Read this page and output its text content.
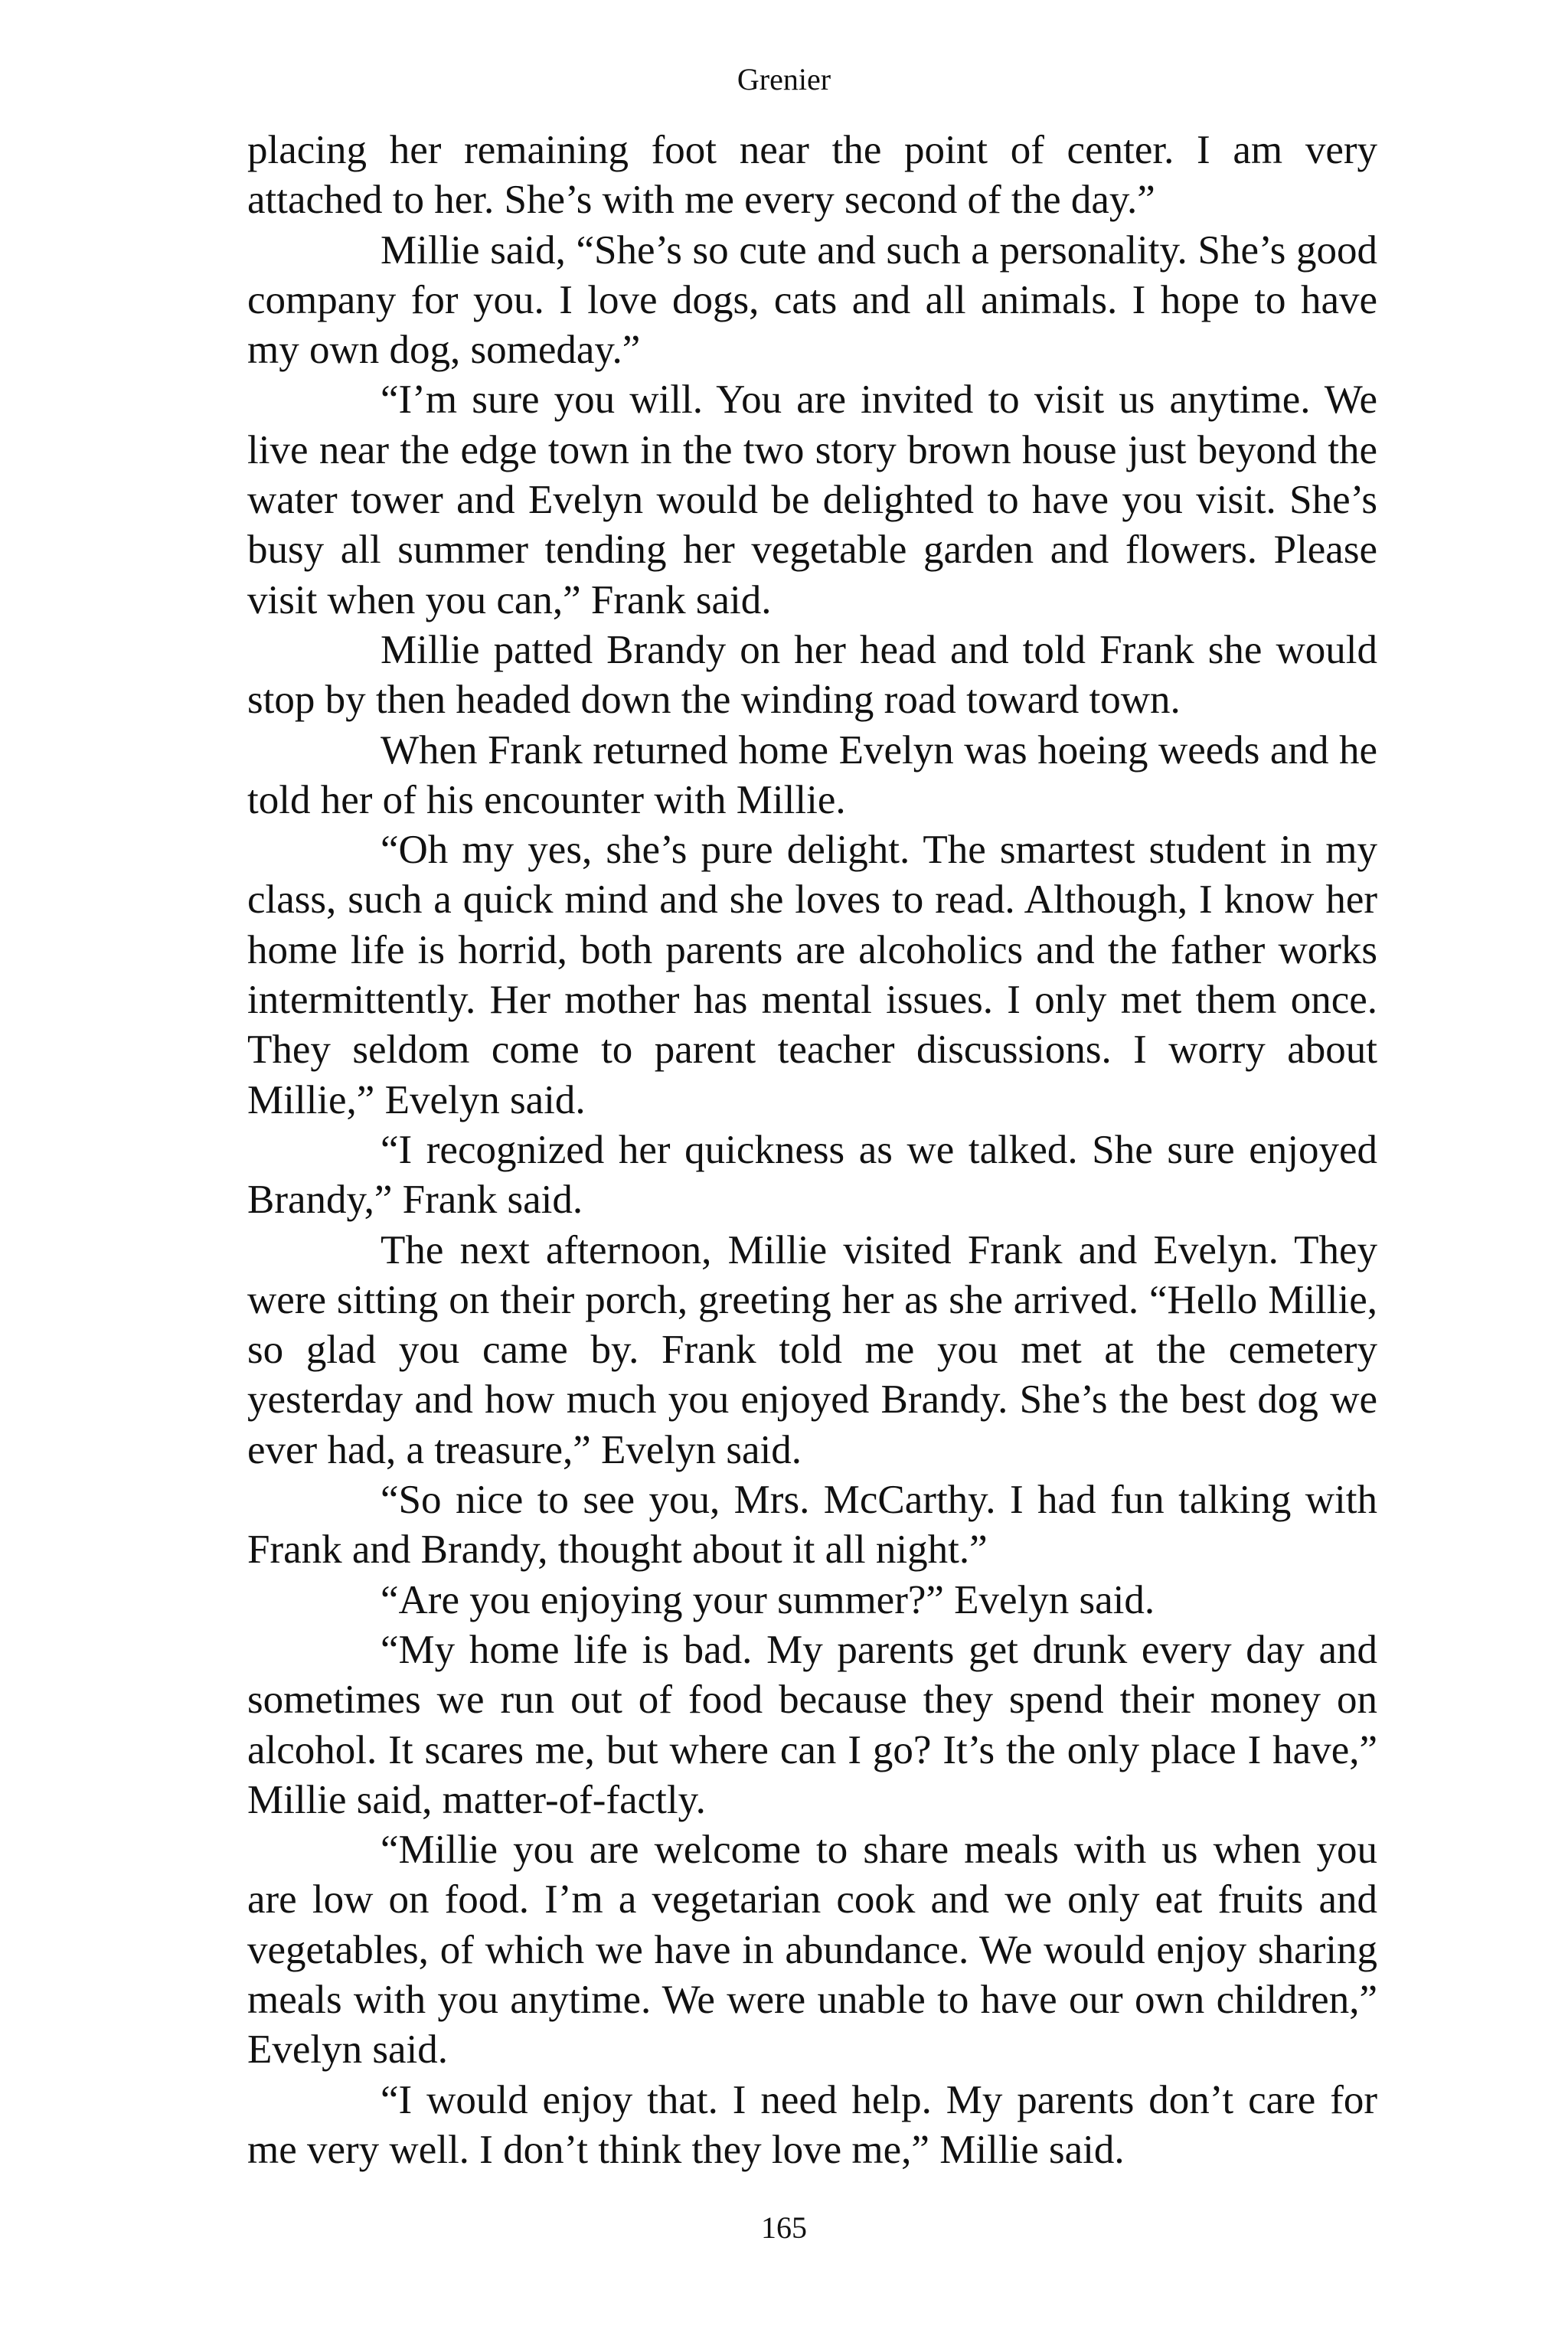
Grenier

placing her remaining foot near the point of center. I am very attached to her. She’s with me every second of the day.”

Millie said, “She’s so cute and such a personality. She’s good company for you. I love dogs, cats and all animals. I hope to have my own dog, someday.”

“I’m sure you will. You are invited to visit us anytime. We live near the edge town in the two story brown house just beyond the water tower and Evelyn would be delighted to have you visit. She’s busy all summer tending her vegetable garden and flowers. Please visit when you can,” Frank said.

Millie patted Brandy on her head and told Frank she would stop by then headed down the winding road toward town.

When Frank returned home Evelyn was hoeing weeds and he told her of his encounter with Millie.

“Oh my yes, she’s pure delight. The smartest student in my class, such a quick mind and she loves to read. Although, I know her home life is horrid, both parents are alcoholics and the father works intermittently. Her mother has mental issues. I only met them once. They seldom come to parent teacher discussions. I worry about Millie,” Evelyn said.

“I recognized her quickness as we talked. She sure enjoyed Brandy,” Frank said.

The next afternoon, Millie visited Frank and Evelyn. They were sitting on their porch, greeting her as she arrived. “Hello Millie, so glad you came by. Frank told me you met at the cemetery yesterday and how much you enjoyed Brandy. She’s the best dog we ever had, a treasure,” Evelyn said.

“So nice to see you, Mrs. McCarthy. I had fun talking with Frank and Brandy, thought about it all night.”

“Are you enjoying your summer?” Evelyn said.

“My home life is bad. My parents get drunk every day and sometimes we run out of food because they spend their money on alcohol. It scares me, but where can I go? It’s the only place I have,” Millie said, matter-of-factly.

“Millie you are welcome to share meals with us when you are low on food. I’m a vegetarian cook and we only eat fruits and vegetables, of which we have in abundance. We would enjoy sharing meals with you anytime. We were unable to have our own children,” Evelyn said.

“I would enjoy that. I need help. My parents don’t care for me very well. I don’t think they love me,” Millie said.

165
